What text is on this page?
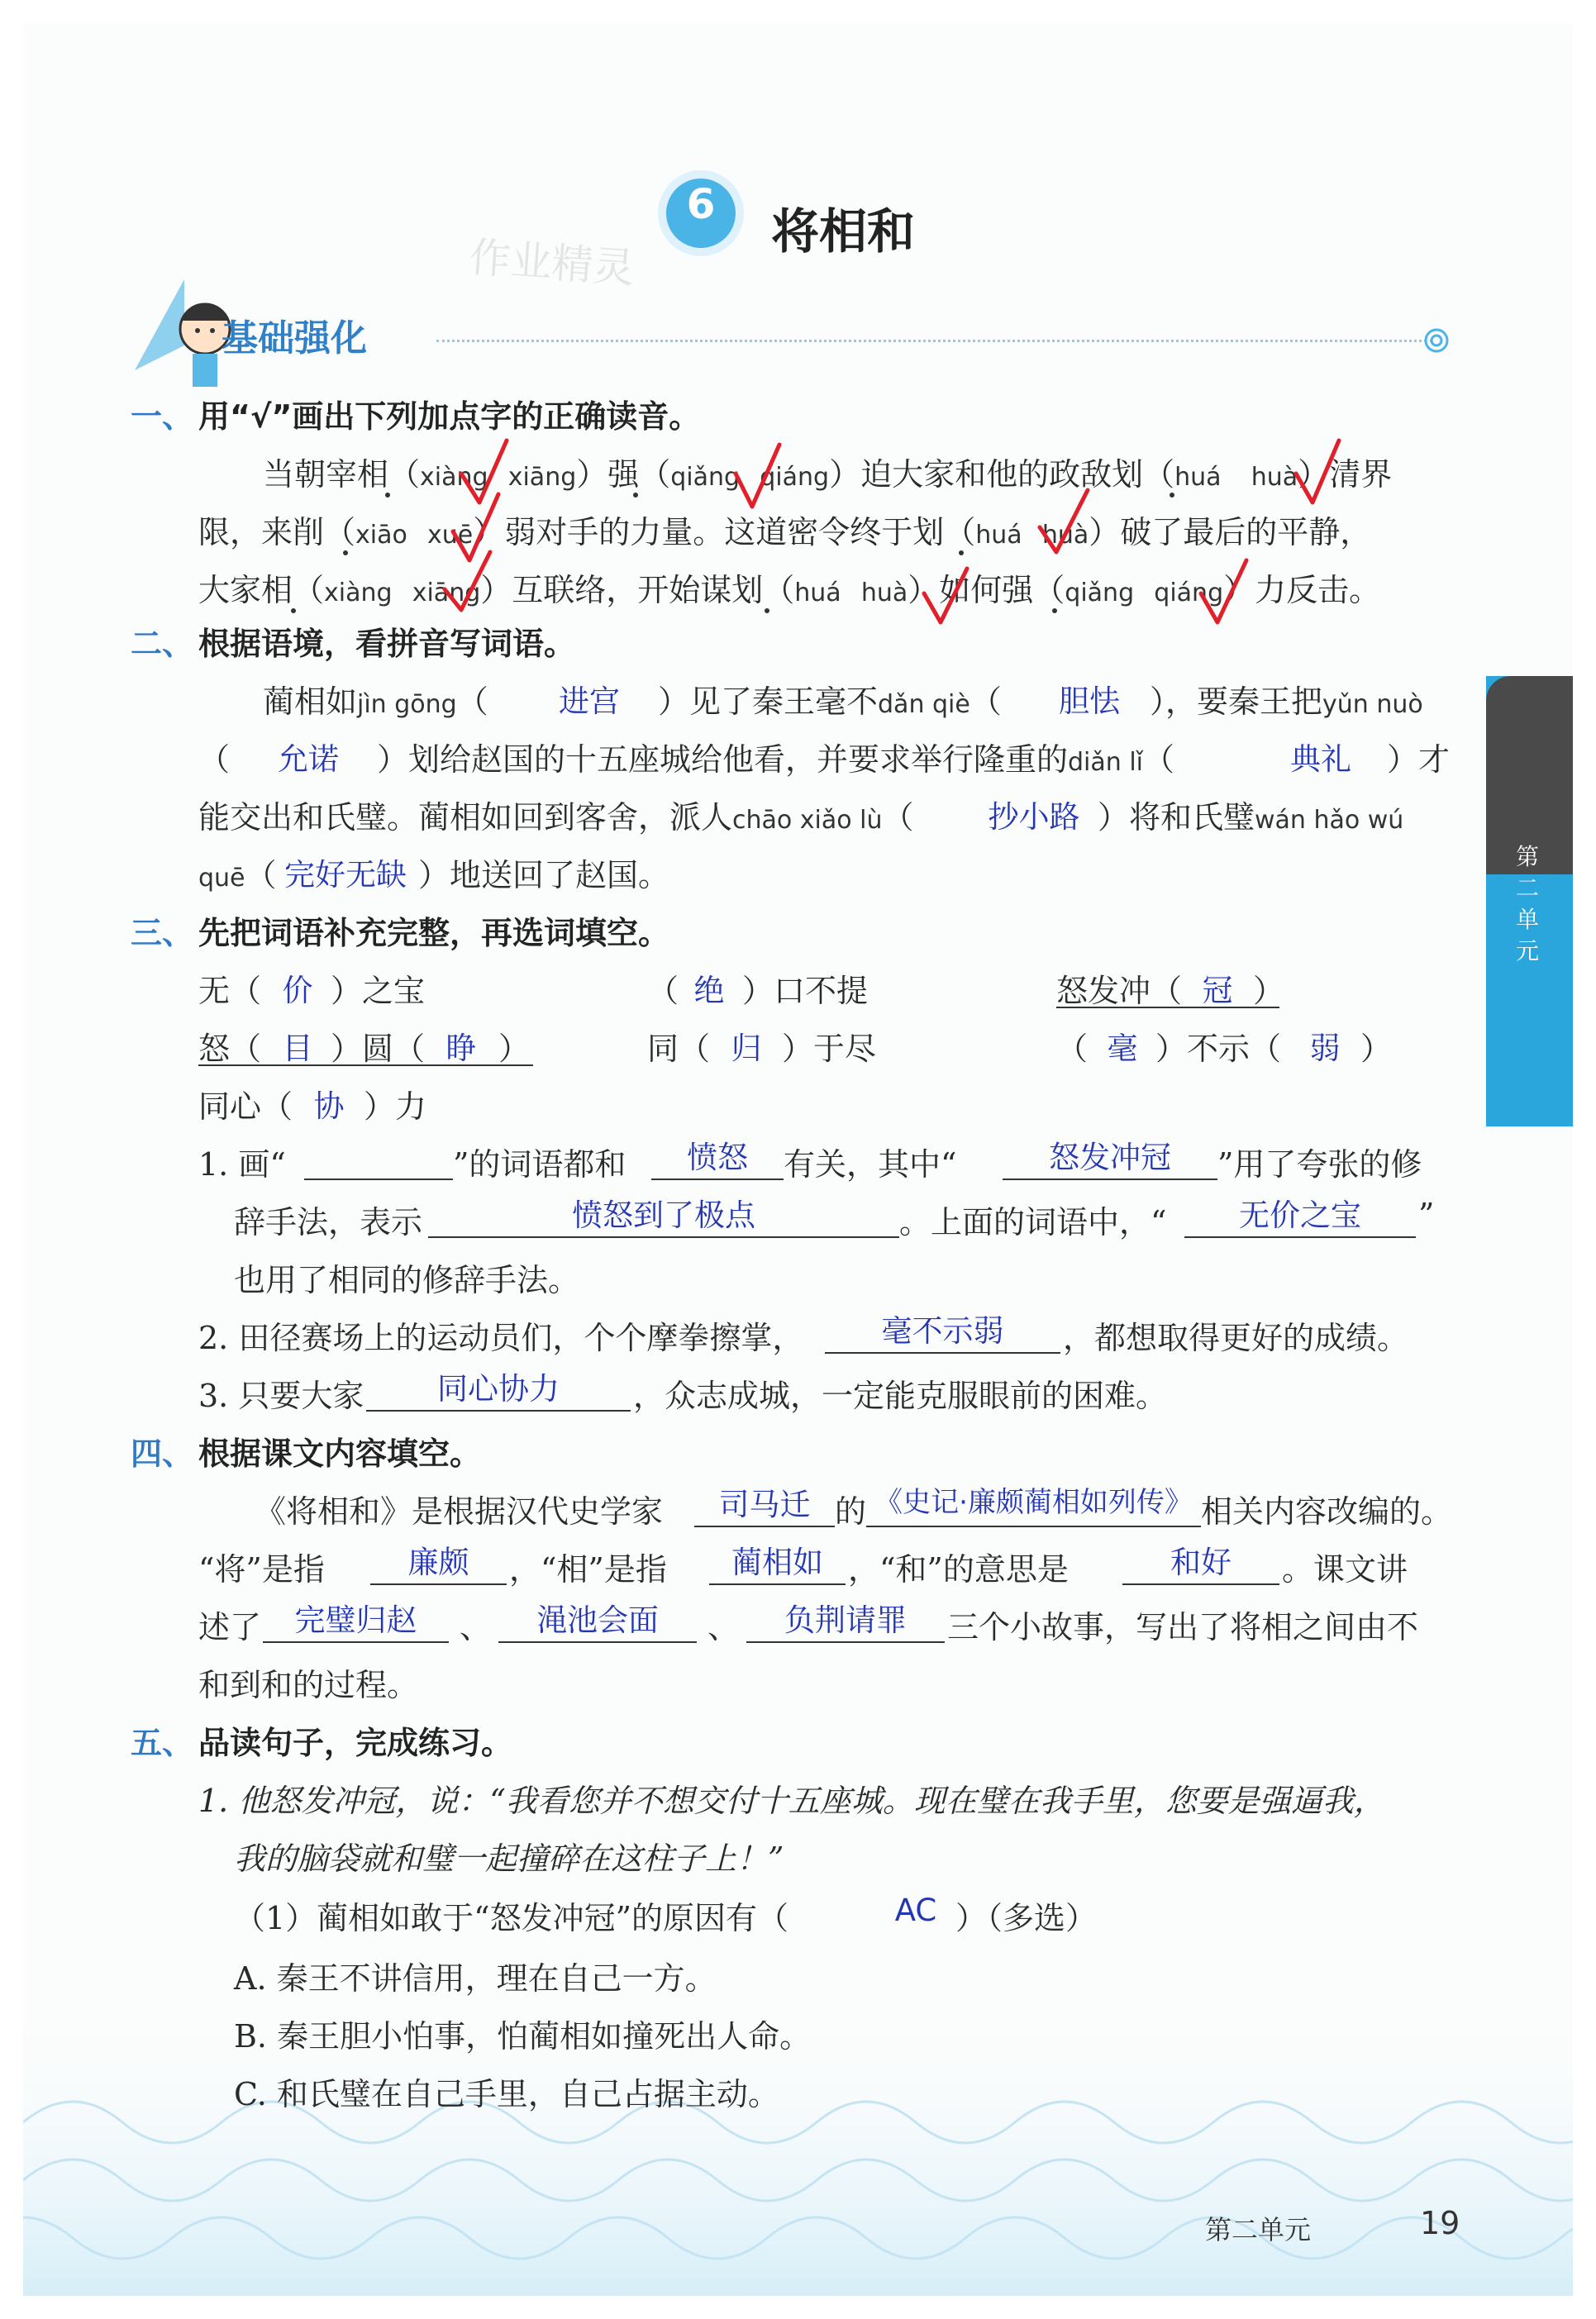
第
二
单
元
6 将相和
作业精灵
基础强化
一、 用“√”画出下列加点字的正确读音。
当朝宰相（xiàng xiāng）强（qiǎng qiáng）迫大家和他的政敌划（huá huà）清界
限，来削（xiāo xuē）弱对手的力量。这道密令终于划（huá huà）破了最后的平静，
大家相（xiàng xiāng）互联络，开始谋划（huá huà）如何强（qiǎng qiáng）力反击。
二、 根据语境，看拼音写词语。
蔺相如jìn gōng（	进宫	）见了秦王毫不dǎn qiè（	胆怯 ），要秦王把yǔn nuò
（	允诺	）划给赵国的十五座城给他看，并要求举行隆重的diǎn lǐ（	典礼	）才
能交出和氏璧。蔺相如回到客舍，派人chāo xiǎo lù（	抄小路 ）将和氏璧wán hǎo wú
quē（ 完好无缺 ）地送回了赵国。
三、 先把词语补充完整，再选词填空。
无（ 价 ）之宝	（ 绝 ）口不提	怒发冲（ 冠 ）
怒（ 目 ）圆（ 睁 ）	同（ 归 ）于尽	（ 毫 ）不示（ 弱 ）
同心（ 协 ）力
1. 画“	”的词语都和	愤怒	有关，其中“	怒发冲冠	”用了夸张的修
辞手法，表示	愤怒到了极点	。上面的词语中，“	无价之宝	”
也用了相同的修辞手法。
2. 田径赛场上的运动员们，个个摩拳擦掌，	毫不示弱	，都想取得更好的成绩。
3. 只要大家	同心协力	，众志成城，一定能克服眼前的困难。
四、 根据课文内容填空。
《将相和》是根据汉代史学家	司马迁 的 《史记·廉颇蔺相如列传》 相关内容改编的。
“将”是指	廉颇	，“相”是指	蔺相如 ，“和”的意思是	和好	。课文讲
述了	完璧归赵	、	渑池会面	、	负荆请罪	三个小故事，写出了将相之间由不
和到和的过程。
五、 品读句子，完成练习。
1. 他怒发冲冠，说：“我看您并不想交付十五座城。现在璧在我手里，您要是强逼我，
我的脑袋就和璧一起撞碎在这柱子上！”
（1）蔺相如敢于“怒发冲冠”的原因有（	AC ）（多选）
A. 秦王不讲信用，理在自己一方。
B. 秦王胆小怕事，怕蔺相如撞死出人命。
C. 和氏璧在自己手里，自己占据主动。
第二单元	19
